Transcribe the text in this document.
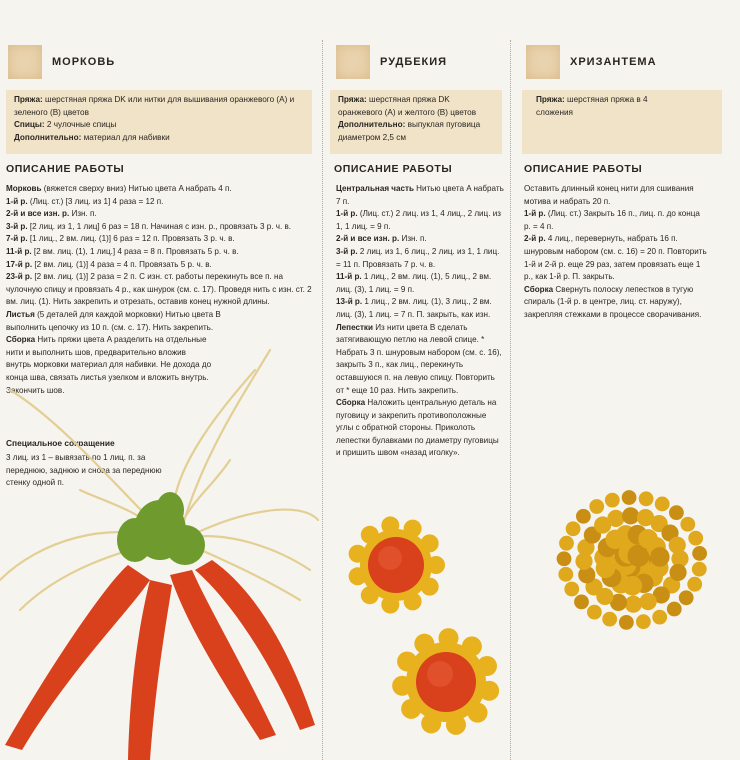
МОРКОВЬ
Пряжа: шерстяная пряжа DK или нитки для вышивания оранжевого (A) и зеленого (B) цветов
Спицы: 2 чулочные спицы
Дополнительно: материал для набивки
ОПИСАНИЕ РАБОТЫ

Морковь (вяжется сверху вниз) Нитью цвета A набрать 4 п.

1-й р. (Лиц. ст.) [3 лиц. из 1] 4 раза = 12 п.

2-й и все изн. р. Изн. п.

3-й р. [2 лиц. из 1, 1 лиц] 6 раз = 18 п. Начиная с изн. р., провязать 3 р. ч. в.

7-й р. [1 лиц., 2 вм. лиц. (1)] 6 раз = 12 п. Провязать 3 р. ч. в.

11-й р. [2 вм. лиц. (1), 1 лиц.] 4 раза = 8 п. Провязать 5 р. ч. в.

17-й р. [2 вм. лиц. (1)] 4 раза = 4 п. Провязать 5 р. ч. в.

23-й р. [2 вм. лиц. (1)] 2 раза = 2 п. С изн. ст. работы перекинуть все п. на чулочную спицу и провязать 4 р., как шнурок (см. с. 17). Проведя нить с изн. ст. 2 вм. лиц. (1). Нить закрепить и отрезать, оставив конец нужной длины.

Листья (5 деталей для каждой морковки) Нитью цвета B выполнить цепочку из 10 п. (см. с. 17). Нить закрепить.

Сборка Нить пряжи цвета A разделить на отдельные нити и выполнить шов, предварительно вложив внутрь морковки материал для набивки. Не дохода до конца шва, связать листья узелком и вложить внутрь. Закончить шов.

Специальное сокращение
3 лиц. из 1 – вывязать по 1 лиц. п. за переднюю, заднюю и снова за переднюю стенку одной п.
РУДБЕКИЯ
Пряжа: шерстяная пряжа DK оранжевого (A) и желтого (B) цветов
Дополнительно: выпуклая пуговица диаметром 2,5 см
ОПИСАНИЕ РАБОТЫ

Центральная часть Нитью цвета A набрать 7 п.

1-й р. (Лиц. ст.) 2 лиц. из 1, 4 лиц., 2 лиц. из 1, 1 лиц. = 9 п.

2-й и все изн. р. Изн. п.

3-й р. 2 лиц. из 1, 6 лиц., 2 лиц. из 1, 1 лиц. = 11 п. Провязать 7 р. ч. в.

11-й р. 1 лиц., 2 вм. лиц. (1), 5 лиц., 2 вм. лиц. (3), 1 лиц. = 9 п.

13-й р. 1 лиц., 2 вм. лиц. (1), 3 лиц., 2 вм. лиц. (3), 1 лиц. = 7 п. П. закрыть, как изн.

Лепестки Из нити цвета B сделать затягивающую петлю на левой спице. * Набрать 3 п. шнуровым набором (см. с. 16), закрыть 3 п., как лиц., перекинуть оставшуюся п. на левую спицу. Повторить от * еще 10 раз. Нить закрепить.

Сборка Наложить центральную деталь на пуговицу и закрепить противоположные углы с обратной стороны. Приколоть лепестки булавками по диаметру пуговицы и пришить швом «назад иголку».

ХРИЗАНТЕМА
Пряжа: шерстяная пряжа в 4 сложения
ОПИСАНИЕ РАБОТЫ

Оставить длинный конец нити для сшивания мотива и набрать 20 п.

1-й р. (Лиц. ст.) Закрыть 16 п., лиц. п. до конца р. = 4 п.

2-й р. 4 лиц., перевернуть, набрать 16 п. шнуровым набором (см. с. 16) = 20 п. Повторить 1-й и 2-й р. еще 29 раз, затем провязать еще 1 р., как 1-й р. П. закрыть.

Сборка Свернуть полоску лепестков в тугую спираль (1-й р. в центре, лиц. ст. наружу), закрепляя стежками в процессе сворачивания.
